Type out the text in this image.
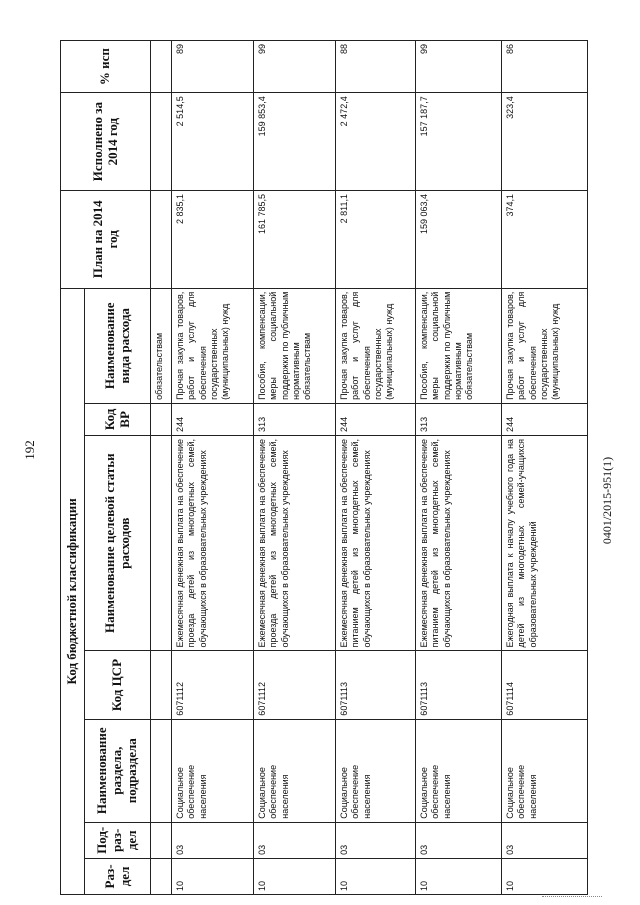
192
Код бюджетной классификации							План на 2014 год	Исполнено за 2014 год	% исп
Раз-дел	Под-раз-дел	Наименование раздела, подраздела	Код ЦСР	Наименование целевой статьи расходов	Код ВР	Наименование вида расхода			
						обязательствам			
10	03	Социальное обеспечение населения	6071112	Ежемесячная денежная выплата на обеспечение проезда детей из многодетных семей, обучающихся в образовательных учреждениях	244	Прочая закупка товаров, работ и услуг для обеспечения государственных (муниципальных) нужд	2 835,1	2 514,5	89
10	03	Социальное обеспечение населения	6071112	Ежемесячная денежная выплата на обеспечение проезда детей из многодетных семей, обучающихся в образовательных учреждениях	313	Пособия, компенсации, меры социальной поддержки по публичным нормативным обязательствам	161 785,5	159 853,4	99
10	03	Социальное обеспечение населения	6071113	Ежемесячная денежная выплата на обеспечение питанием детей из многодетных семей, обучающихся в образовательных учреждениях	244	Прочая закупка товаров, работ и услуг для обеспечения государственных (муниципальных) нужд	2 811,1	2 472,4	88
10	03	Социальное обеспечение населения	6071113	Ежемесячная денежная выплата на обеспечение питанием детей из многодетных семей, обучающихся в образовательных учреждениях	313	Пособия, компенсации, меры социальной поддержки по публичным нормативным обязательствам	159 063,4	157 187,7	99
10	03	Социальное обеспечение населения	6071114	Ежегодная выплата к началу учебного года на детей из многодетных семей-учащихся образовательных учреждений	244	Прочая закупка товаров, работ и услуг для обеспечения государственных (муниципальных) нужд	374,1	323,4	86
0401/2015-951(1)
